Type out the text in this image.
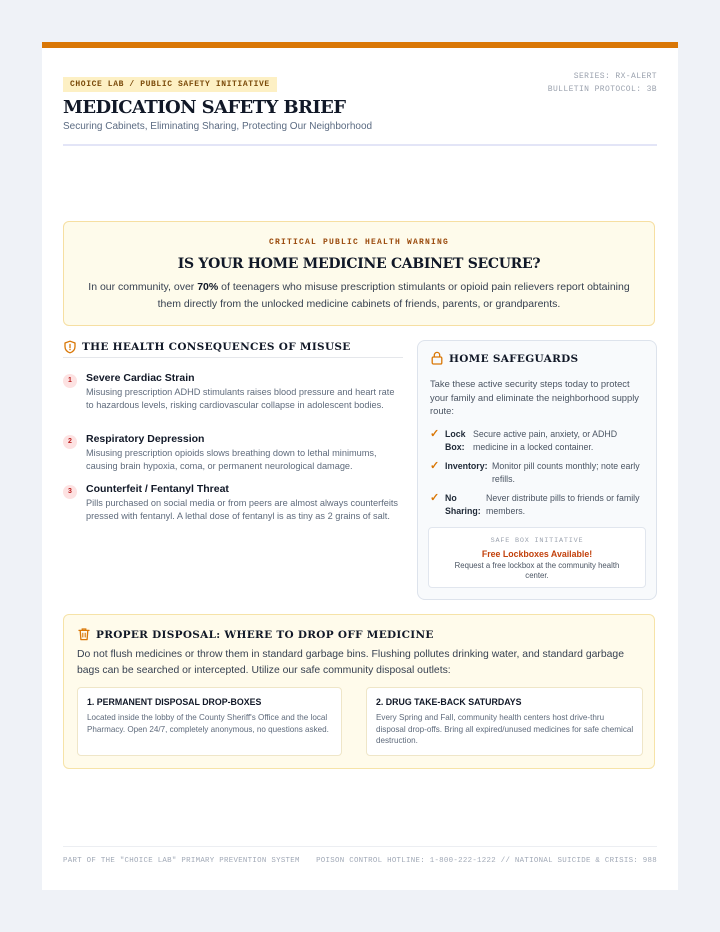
CHOICE LAB / PUBLIC SAFETY INITIATIVE
SERIES: RX-ALERT
BULLETIN PROTOCOL: 3B
MEDICATION SAFETY BRIEF
Securing Cabinets, Eliminating Sharing, Protecting Our Neighborhood
CRITICAL PUBLIC HEALTH WARNING
IS YOUR HOME MEDICINE CABINET SECURE?
In our community, over 70% of teenagers who misuse prescription stimulants or opioid pain relievers report obtaining them directly from the unlocked medicine cabinets of friends, parents, or grandparents.
THE HEALTH CONSEQUENCES OF MISUSE
1	Severe Cardiac Strain
Misusing prescription ADHD stimulants raises blood pressure and heart rate to hazardous levels, risking cardiovascular collapse in adolescent bodies.
2	Respiratory Depression
Misusing prescription opioids slows breathing down to lethal minimums, causing brain hypoxia, coma, or permanent neurological damage.
3	Counterfeit / Fentanyl Threat
Pills purchased on social media or from peers are almost always counterfeits pressed with fentanyl. A lethal dose of fentanyl is as tiny as 2 grains of salt.
HOME SAFEGUARDS
Take these active security steps today to protect your family and eliminate the neighborhood supply route:
✓ Lock
Box:
Secure active pain, anxiety, or ADHD medicine in a locked container.
✓ Inventory: Monitor pill counts monthly; note early refills.
✓ No
Sharing:
Never distribute pills to friends or family members.
SAFE BOX INITIATIVE
Free Lockboxes Available!
Request a free lockbox at the community health center.
PROPER DISPOSAL: WHERE TO DROP OFF MEDICINE
Do not flush medicines or throw them in standard garbage bins. Flushing pollutes drinking water, and standard garbage bags can be searched or intercepted. Utilize our safe community disposal outlets:
1. PERMANENT DISPOSAL DROP-BOXES
Located inside the lobby of the County Sheriff's Office and the local Pharmacy. Open 24/7, completely anonymous, no questions asked.
2. DRUG TAKE-BACK SATURDAYS
Every Spring and Fall, community health centers host drive-thru disposal drop-offs. Bring all expired/unused medicines for safe chemical destruction.
PART OF THE "CHOICE LAB" PRIMARY PREVENTION SYSTEM POISON CONTROL HOTLINE: 1-800-222-1222 // NATIONAL SUICIDE & CRISIS: 988
